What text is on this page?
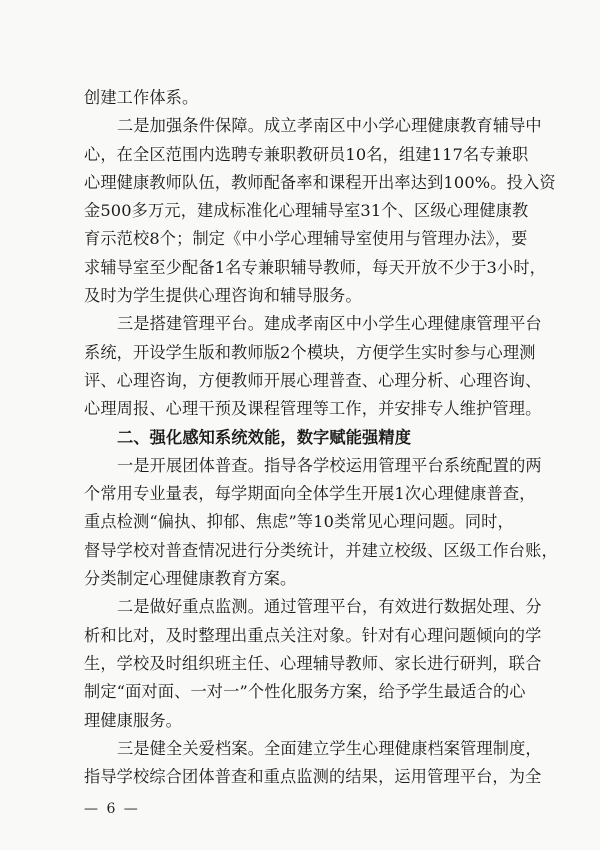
创建工作体系。
二是加强条件保障。成立孝南区中小学心理健康教育辅导中
心，在全区范围内选聘专兼职教研员10名，组建117名专兼职
心理健康教师队伍，教师配备率和课程开出率达到100%。投入资
金500多万元，建成标准化心理辅导室31个、区级心理健康教
育示范校8个；制定《中小学心理辅导室使用与管理办法》，要
求辅导室至少配备1名专兼职辅导教师，每天开放不少于3小时，
及时为学生提供心理咨询和辅导服务。
三是搭建管理平台。建成孝南区中小学生心理健康管理平台
系统，开设学生版和教师版2个模块，方便学生实时参与心理测
评、心理咨询，方便教师开展心理普查、心理分析、心理咨询、
心理周报、心理干预及课程管理等工作，并安排专人维护管理。
二、强化感知系统效能，数字赋能强精度
一是开展团体普查。指导各学校运用管理平台系统配置的两
个常用专业量表，每学期面向全体学生开展1次心理健康普查，
重点检测“偏执、抑郁、焦虑”等10类常见心理问题。同时，
督导学校对普查情况进行分类统计，并建立校级、区级工作台账，
分类制定心理健康教育方案。
二是做好重点监测。通过管理平台，有效进行数据处理、分
析和比对，及时整理出重点关注对象。针对有心理问题倾向的学
生，学校及时组织班主任、心理辅导教师、家长进行研判，联合
制定“面对面、一对一”个性化服务方案，给予学生最适合的心
理健康服务。
三是健全关爱档案。全面建立学生心理健康档案管理制度，
指导学校综合团体普查和重点监测的结果，运用管理平台，为全
— 6 —
